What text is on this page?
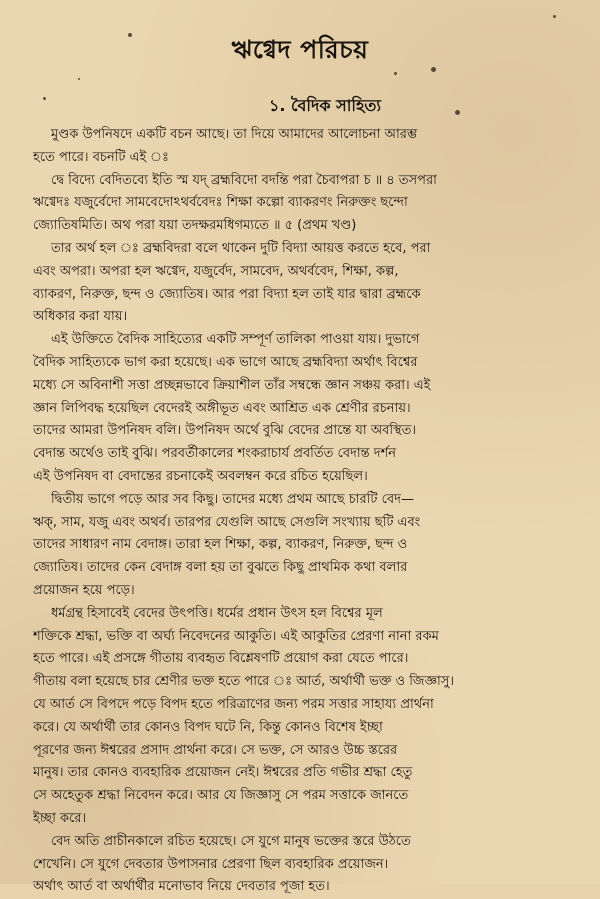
ঋগ্বেদ পরিচয়
১. বৈদিক সাহিত্য
মুণ্ডক উপনিষদে একটি বচন আছে। তা দিয়ে আমাদের আলোচনা আরম্ভ
হতে পারে। বচনটি এই ঃ
দ্বে বিদ্যে বেদিতব্যে ইতি স্ম যদ্ ব্রহ্মবিদো বদন্তি পরা চৈবাপরা চ ॥ ৪ তসপরা
ঋগ্বেদঃ যজুর্বেদো সামবেদোঽথর্ববেদঃ শিক্ষা কল্পো ব্যাকরণং নিরুক্তং ছন্দো
জ্যোতিষমিতি। অথ পরা যয়া তদক্ষরমধিগম্যতে ॥ ৫ (প্রথম খণ্ড)
তার অর্থ হল ঃ ব্রহ্মবিদরা বলে থাকেন দুটি বিদ্যা আয়ত্ত করতে হবে, পরা
এবং অপরা। অপরা হল ঋগ্বেদ, যজুর্বেদ, সামবেদ, অথর্ববেদ, শিক্ষা, কল্প,
ব্যাকরণ, নিরুক্ত, ছন্দ ও জ্যোতিষ। আর পরা বিদ্যা হল তাই যার দ্বারা ব্রহ্মকে
অধিকার করা যায়।
এই উক্তিতে বৈদিক সাহিত্যের একটি সম্পূর্ণ তালিকা পাওয়া যায়। দুভাগে
বৈদিক সাহিত্যকে ভাগ করা হয়েছে। এক ভাগে আছে ব্রহ্মবিদ্যা অর্থাৎ বিশ্বের
মধ্যে সে অবিনাশী সত্তা প্রচ্ছন্নভাবে ক্রিয়াশীল তাঁর সম্বন্ধে জ্ঞান সঞ্চয় করা। এই
জ্ঞান লিপিবদ্ধ হয়েছিল বেদেরই অঙ্গীভূত এবং আশ্রিত এক শ্রেণীর রচনায়।
তাদের আমরা উপনিষদ বলি। উপনিষদ অর্থে বুঝি বেদের প্রান্তে যা অবস্থিত।
বেদান্ত অর্থেও তাই বুঝি। পরবর্তীকালের শংকরাচার্য প্রবর্তিত বেদান্ত দর্শন
এই উপনিষদ বা বেদান্তের রচনাকেই অবলম্বন করে রচিত হয়েছিল।
দ্বিতীয় ভাগে পড়ে আর সব কিছু। তাদের মধ্যে প্রথম আছে চারটি বেদ—
ঋক্, সাম, যজু এবং অথর্ব। তারপর যেগুলি আছে সেগুলি সংখ্যায় ছটি এবং
তাদের সাধারণ নাম বেদাঙ্গ। তারা হল শিক্ষা, কল্প, ব্যাকরণ, নিরুক্ত, ছন্দ ও
জ্যোতিষ। তাদের কেন বেদাঙ্গ বলা হয় তা বুঝতে কিছু প্রাথমিক কথা বলার
প্রয়োজন হয়ে পড়ে।
ধর্মগ্রন্থ হিসাবেই বেদের উৎপত্তি। ধর্মের প্রধান উৎস হল বিশ্বের মূল
শক্তিকে শ্রদ্ধা, ভক্তি বা অর্ঘ্য নিবেদনের আকুতি। এই আকুতির প্রেরণা নানা রকম
হতে পারে। এই প্রসঙ্গে গীতায় ব্যবহৃত বিশ্লেষণটি প্রয়োগ করা যেতে পারে।
গীতায় বলা হয়েছে চার শ্রেণীর ভক্ত হতে পারে ঃ আর্ত, অর্থার্থী ভক্ত ও জিজ্ঞাসু।
যে আর্ত সে বিপদে পড়ে বিপদ হতে পরিত্রাণের জন্য পরম সত্তার সাহায্য প্রার্থনা
করে। যে অর্থার্থী তার কোনও বিপদ ঘটে নি, কিন্তু কোনও বিশেষ ইচ্ছা
পূরণের জন্য ঈশ্বরের প্রসাদ প্রার্থনা করে। সে ভক্ত, সে আরও উচ্চ স্তরের
মানুষ। তার কোনও ব্যবহারিক প্রয়োজন নেই। ঈশ্বরের প্রতি গভীর শ্রদ্ধা হেতু
সে অহেতুক শ্রদ্ধা নিবেদন করে। আর যে জিজ্ঞাসু সে পরম সত্তাকে জানতে
ইচ্ছা করে।
বেদ অতি প্রাচীনকালে রচিত হয়েছে। সে যুগে মানুষ ভক্তের স্তরে উঠতে
শেখেনি। সে যুগে দেবতার উপাসনার প্রেরণা ছিল ব্যবহারিক প্রয়োজন।
অর্থাৎ আর্ত বা অর্থার্থীর মনোভাব নিয়ে দেবতার পূজা হত।
